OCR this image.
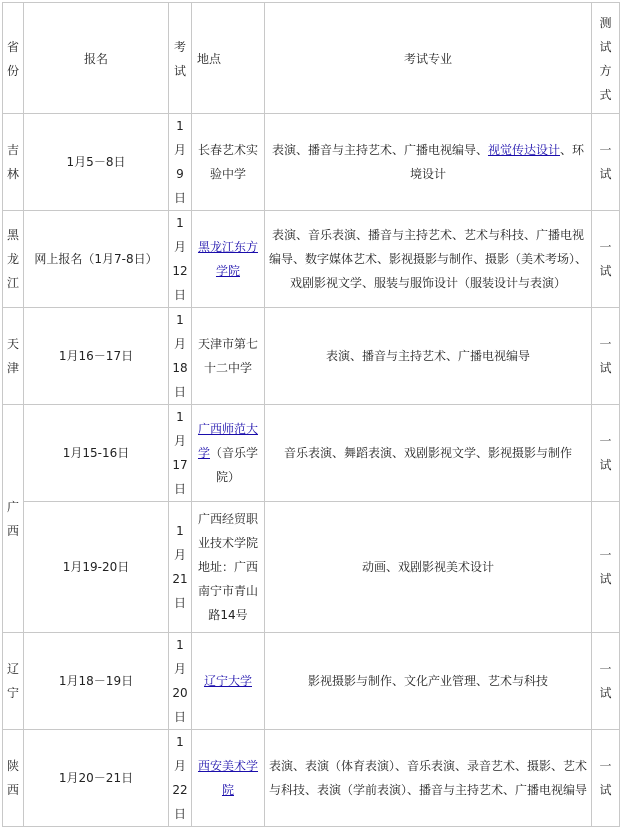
省份	报名	考试	地点	考试专业	测试方式
吉林	1月5－8日	1月9日	长春艺术实验中学	表演、播音与主持艺术、广播电视编导、视觉传达设计、环境设计	一试
黑龙江	网上报名（1月7-8日）	1月12日	黑龙江东方学院	表演、音乐表演、播音与主持艺术、艺术与科技、广播电视编导、数字媒体艺术、影视摄影与制作、摄影（美术考场）、戏剧影视文学、服装与服饰设计（服装设计与表演）	一试
天津	1月16－17日	1月18日	天津市第七十二中学	表演、播音与主持艺术、广播电视编导	一试
广西	1月15-16日	1月17日	广西师范大学（音乐学院）	音乐表演、舞蹈表演、戏剧影视文学、影视摄影与制作	一试
	1月19-20日	1月21日	广西经贸职业技术学院　地址：广西南宁市青山路14号	动画、戏剧影视美术设计	一试
辽宁	1月18－19日	1月20日	辽宁大学	影视摄影与制作、文化产业管理、艺术与科技	一试
陕西	1月20－21日	1月22日	西安美术学院	表演、表演（体育表演）、音乐表演、录音艺术、摄影、艺术与科技、表演（学前表演）、播音与主持艺术、广播电视编导	一试
